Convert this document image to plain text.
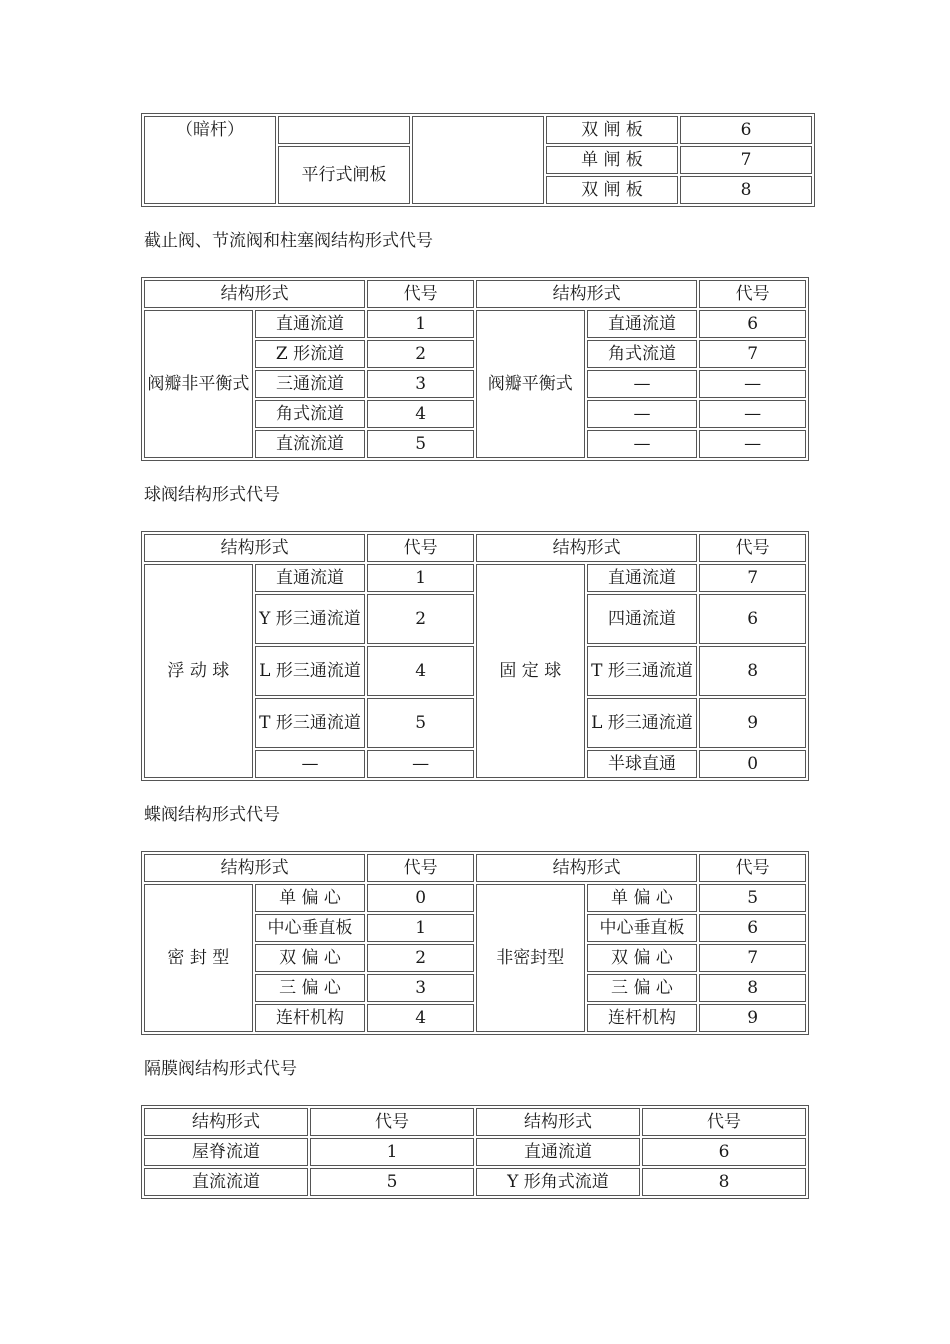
（暗杆）			双 闸 板	6
	平行式闸板		单 闸 板	7
			双 闸 板	8

截止阀、节流阀和柱塞阀结构形式代号

结构形式		代号	结构形式		代号
阀瓣非平衡式	直通流道	1	阀瓣平衡式	直通流道	6
	Z 形流道	2		角式流道	7
	三通流道	3		—	—
	角式流道	4		—	—
	直流流道	5		—	—

球阀结构形式代号

结构形式		代号	结构形式		代号
浮 动 球	直通流道	1	固 定 球	直通流道	7
	Y 形三通流道	2		四通流道	6
	L 形三通流道	4		T 形三通流道	8
	T 形三通流道	5		L 形三通流道	9
	—	—		半球直通	0

蝶阀结构形式代号

结构形式		代号	结构形式		代号
密 封 型	单 偏 心	0	非密封型	单 偏 心	5
	中心垂直板	1		中心垂直板	6
	双 偏 心	2		双 偏 心	7
	三 偏 心	3		三 偏 心	8
	连杆机构	4		连杆机构	9

隔膜阀结构形式代号

结构形式	代号	结构形式	代号
屋脊流道	1	直通流道	6
直流流道	5	Y 形角式流道	8
